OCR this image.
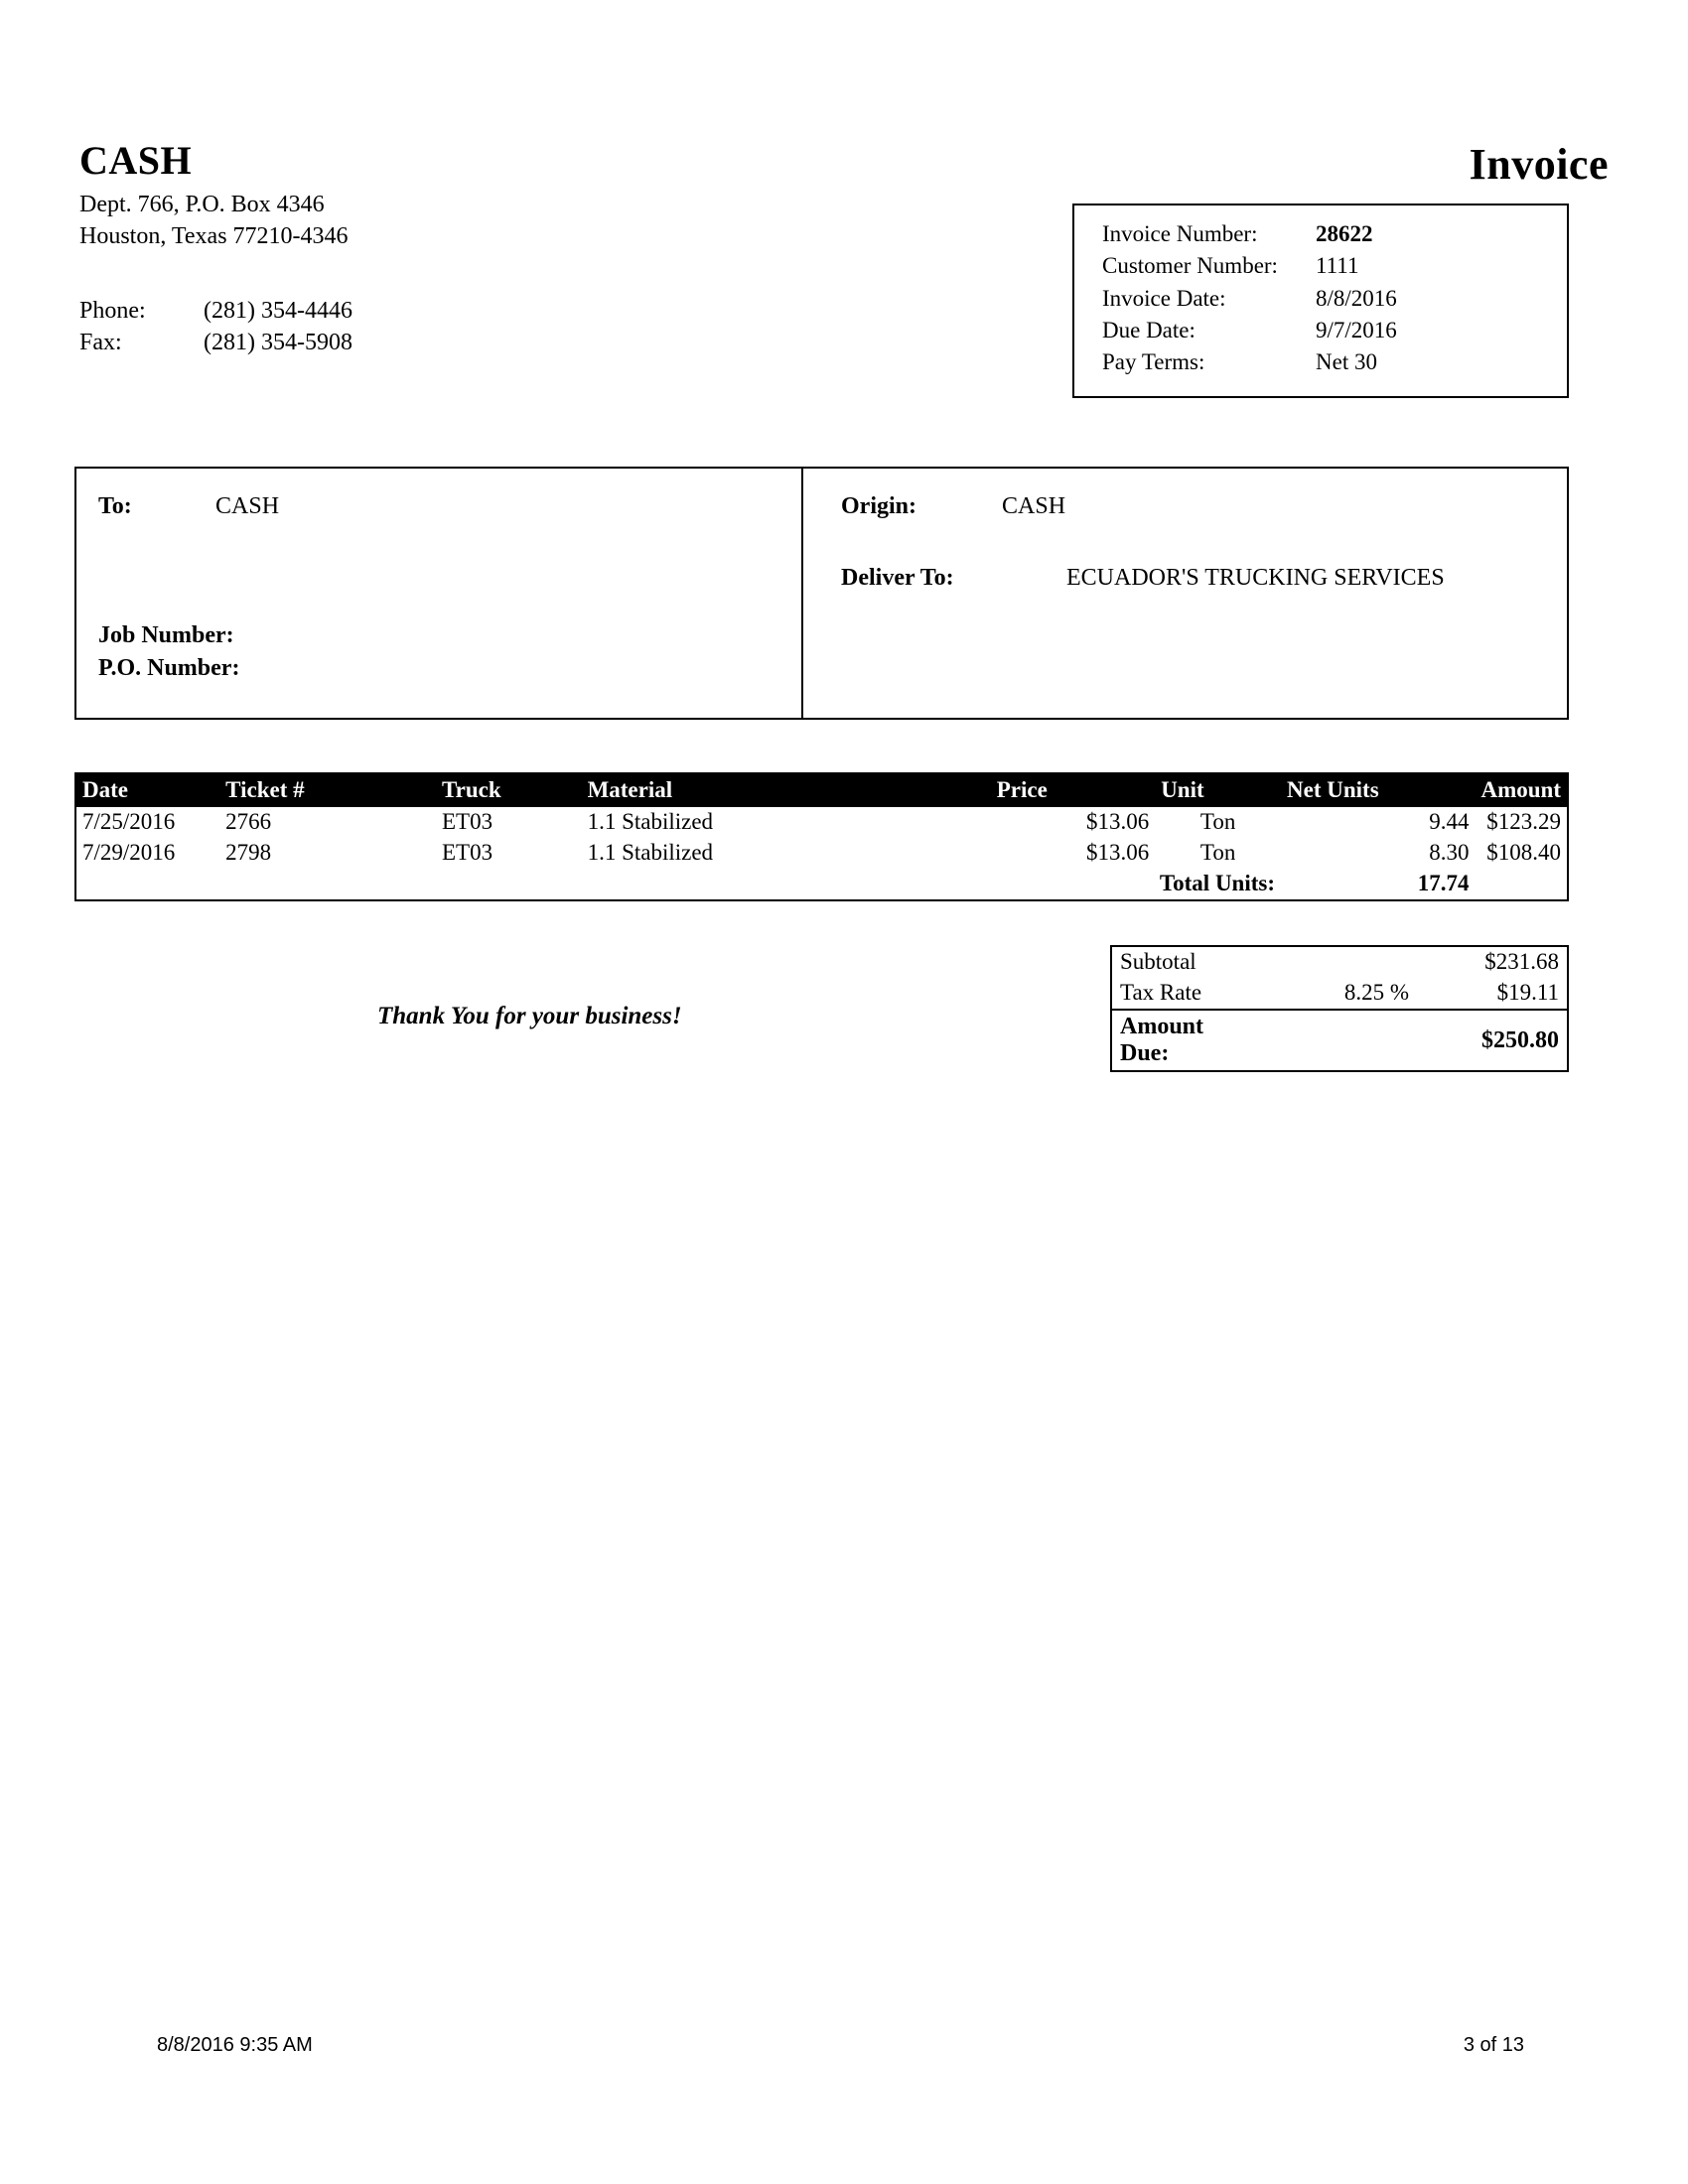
CASH
Dept. 766, P.O. Box 4346
Houston, Texas 77210-4346
Phone:	(281) 354-4446
Fax:	(281) 354-5908
Invoice
Invoice Number:	28622
Customer Number:	1111
Invoice Date:	8/8/2016
Due Date:	9/7/2016
Pay Terms:	Net 30
To:	CASH
Job Number:
P.O. Number:
Origin:	CASH
Deliver To:	ECUADOR'S TRUCKING SERVICES
Date	Ticket #	Truck	Material	Price	Unit	Net Units	Amount
7/25/2016	2766	ET03	1.1 Stabilized	$13.06	Ton	9.44	$123.29
7/29/2016	2798	ET03	1.1 Stabilized	$13.06	Ton	8.30	$108.40
Total Units:						17.74	
Thank You for your business!
Subtotal		$231.68
Tax Rate	8.25 %	$19.11
Amount Due:		$250.80
8/8/2016 9:35 AM	3 of 13
